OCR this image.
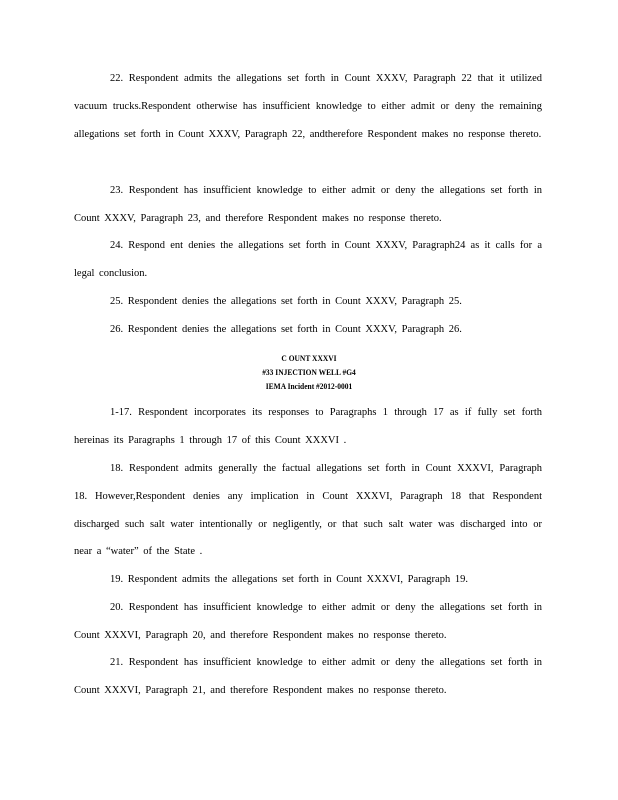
22. Respondent admits the allegations set forth in Count XXXV, Paragraph 22 that it utilized vacuum trucks.Respondent otherwise has insufficient knowledge to either admit or deny the remaining allegations set forth in Count XXXV, Paragraph 22, andtherefore Respondent makes no response thereto.

23. Respondent has insufficient knowledge to either admit or deny the allegations set forth in Count XXXV, Paragraph 23, and therefore Respondent makes no response thereto.

24. Respond ent denies the allegations set forth in Count XXXV, Paragraph24 as it calls for a legal conclusion.

25. Respondent denies the allegations set forth in Count XXXV, Paragraph 25.

26. Respondent denies the allegations set forth in Count XXXV, Paragraph 26.

C OUNT XXXVI
#33 INJECTION WELL #G4
IEMA Incident #2012-0001

1-17. Respondent incorporates its responses to Paragraphs 1 through 17 as if fully set forth hereinas its Paragraphs 1 through 17 of this Count XXXVI .

18. Respondent admits generally the factual allegations set forth in Count XXXVI, Paragraph 18. However,Respondent denies any implication in Count XXXVI, Paragraph 18 that Respondent discharged such salt water intentionally or negligently, or that such salt water was discharged into or near a “water” of the State .

19. Respondent admits the allegations set forth in Count XXXVI, Paragraph 19.

20. Respondent has insufficient knowledge to either admit or deny the allegations set forth in Count XXXVI, Paragraph 20, and therefore Respondent makes no response thereto.

21. Respondent has insufficient knowledge to either admit or deny the allegations set forth in Count XXXVI, Paragraph 21, and therefore Respondent makes no response thereto.
